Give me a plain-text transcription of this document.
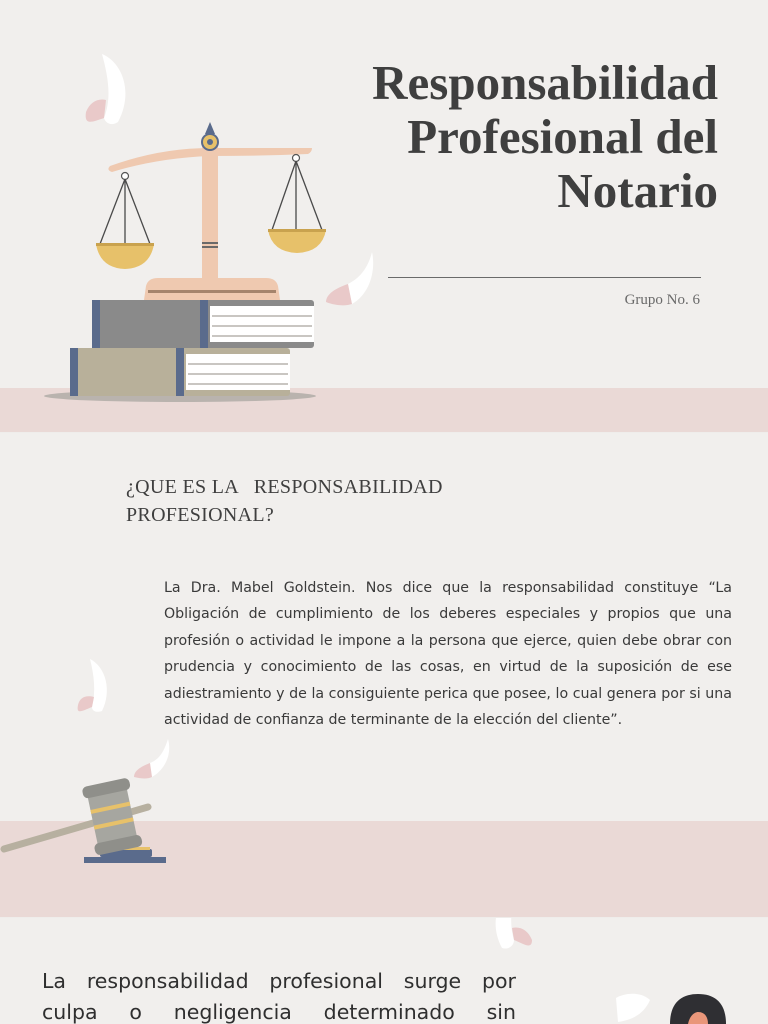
Responsabilidad
Profesional del
Notario
Grupo No. 6
¿QUE ES LA   RESPONSABILIDAD
PROFESIONAL?

La Dra. Mabel Goldstein. Nos dice que la responsabilidad constituye “La Obligación de cumplimiento de los deberes especiales y propios que una profesión o actividad le impone a la persona que ejerce, quien debe obrar con prudencia y conocimiento de las cosas, en virtud de la suposición de ese adiestramiento y de la consiguiente perica que posee, lo cual genera por si una actividad de confianza de terminante de la elección del cliente”.

La responsabilidad profesional surge por
culpa o negligencia determinado sin
